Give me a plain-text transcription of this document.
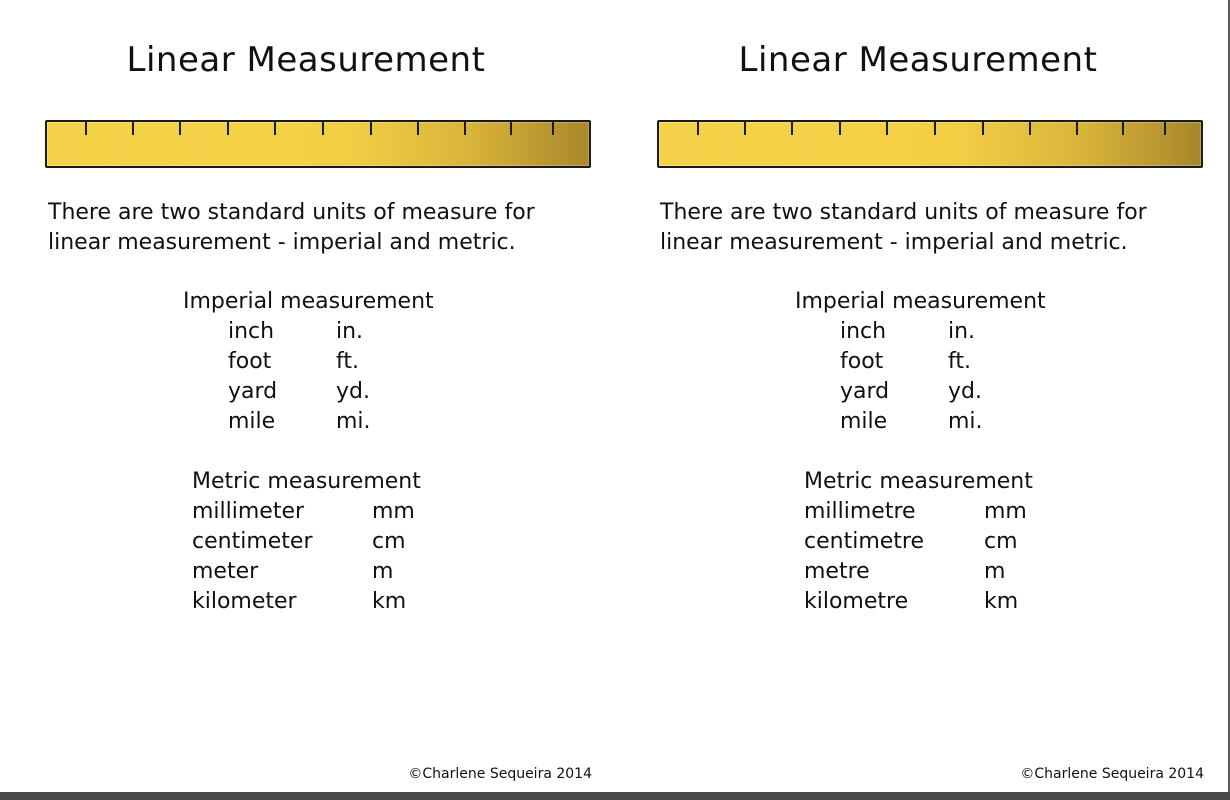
Linear Measurement
There are two standard units of measure for
linear measurement - imperial and metric.
Imperial measurement
inch	in.
foot	ft.
yard	yd.
mile	mi.
Metric measurement
millimeter	mm
centimeter	cm
meter	m
kilometer	km
©Charlene Sequeira 2014
Linear Measurement
There are two standard units of measure for
linear measurement - imperial and metric.
Imperial measurement
inch	in.
foot	ft.
yard	yd.
mile	mi.
Metric measurement
millimetre	mm
centimetre	cm
metre	m
kilometre	km
©Charlene Sequeira 2014
